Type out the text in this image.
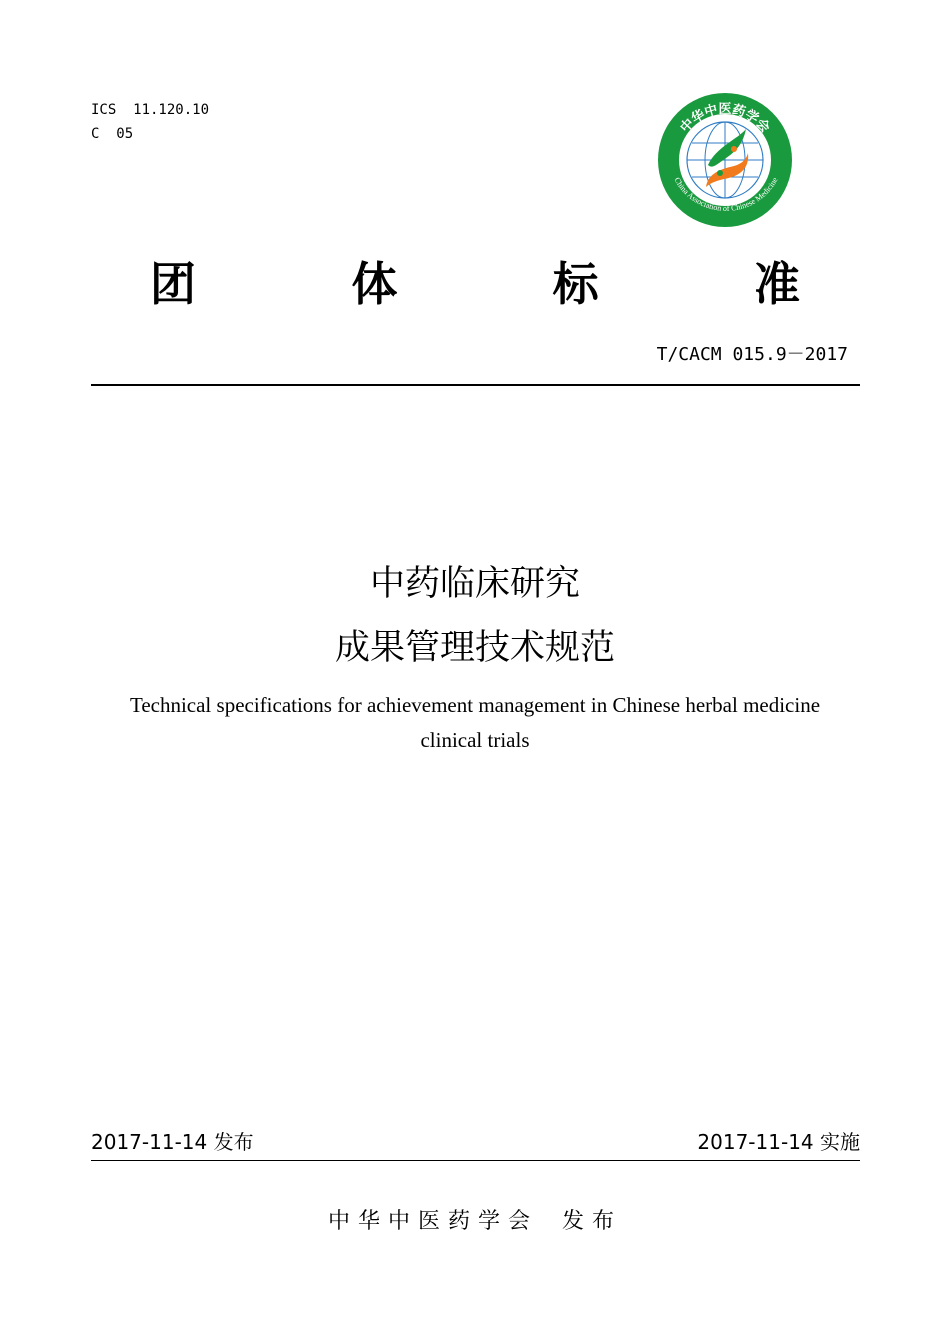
ICS  11.120.10
C  05	中华中医药学会
China Association of Chinese Medicine
团	体	标	准
T/CACM 015.9－2017
中药临床研究
成果管理技术规范
Technical specifications for achievement management in Chinese herbal medicine
clinical trials
2017-11-14 发布	2017-11-14 实施
中华中医药学会 发布
